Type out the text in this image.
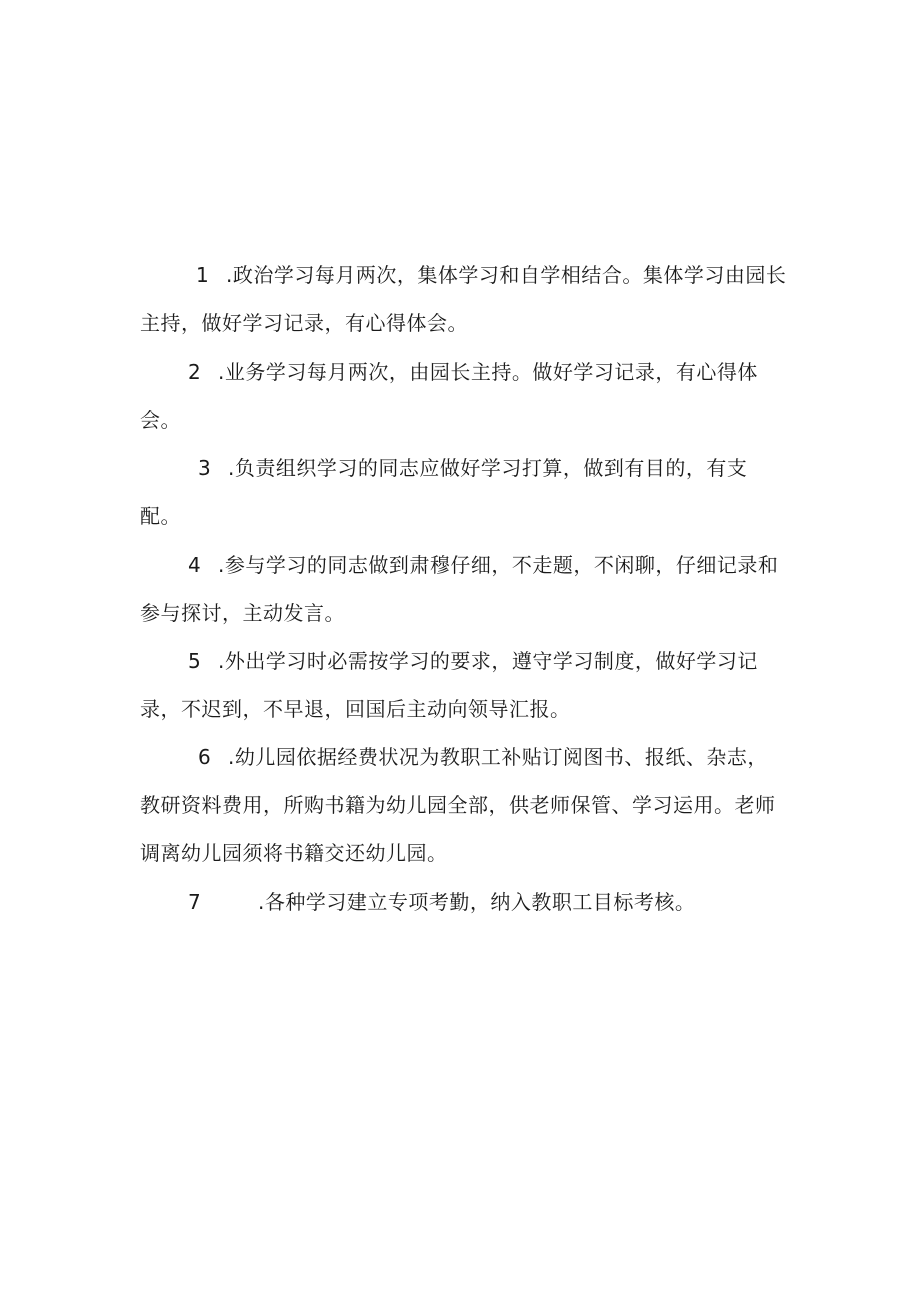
1 .政治学习每月两次，集体学习和自学相结合。集体学习由园长主持，做好学习记录，有心得体会。

2 .业务学习每月两次，由园长主持。做好学习记录，有心得体会。

3 .负责组织学习的同志应做好学习打算，做到有目的，有支配。

4 .参与学习的同志做到肃穆仔细，不走题，不闲聊，仔细记录和参与探讨，主动发言。

5 .外出学习时必需按学习的要求，遵守学习制度，做好学习记录，不迟到，不早退，回国后主动向领导汇报。

6 .幼儿园依据经费状况为教职工补贴订阅图书、报纸、杂志，教研资料费用，所购书籍为幼儿园全部，供老师保管、学习运用。老师调离幼儿园须将书籍交还幼儿园。

7	.各种学习建立专项考勤，纳入教职工目标考核。
